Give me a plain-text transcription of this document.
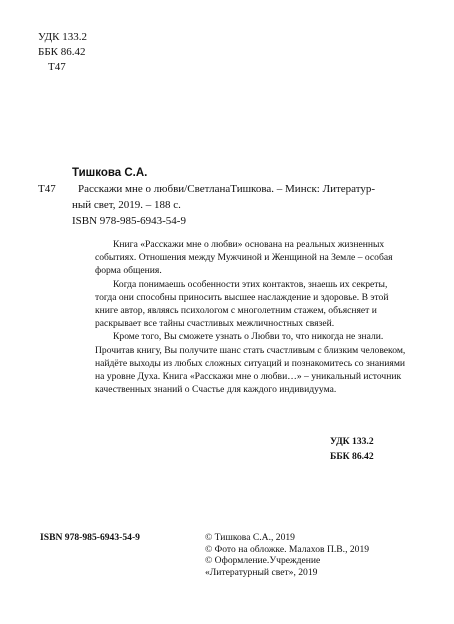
УДК 133.2
ББК 86.42
Т47
Т47
Тишкова С.А.
Расскажи мне о любви/СветланаТишкова. – Минск: Литератур-
ный свет, 2019. – 188 с.
ISBN 978-985-6943-54-9
Книга «Расскажи мне о любви» основана на реальных жизненных
событиях. Отношения между Мужчиной и Женщиной на Земле – особая
форма общения.
Когда понимаешь особенности этих контактов, знаешь их секреты,
тогда они способны приносить высшее наслаждение и здоровье. В этой
книге автор, являясь психологом с многолетним стажем, объясняет и
раскрывает все тайны счастливых межличностных связей.
Кроме того, Вы сможете узнать о Любви то, что никогда не знали.
Прочитав книгу, Вы получите шанс стать счастливым с близким человеком,
найдёте выходы из любых сложных ситуаций и познакомитесь со знаниями
на уровне Духа. Книга «Расскажи мне о любви…» – уникальный источник
качественных знаний о Счастье для каждого индивидуума.
УДК 133.2
ББК 86.42
ISBN 978-985-6943-54-9	© Тишкова С.А., 2019
© Фото на обложке. Малахов П.В., 2019
© Оформление.Учреждение
«Литературный свет», 2019
